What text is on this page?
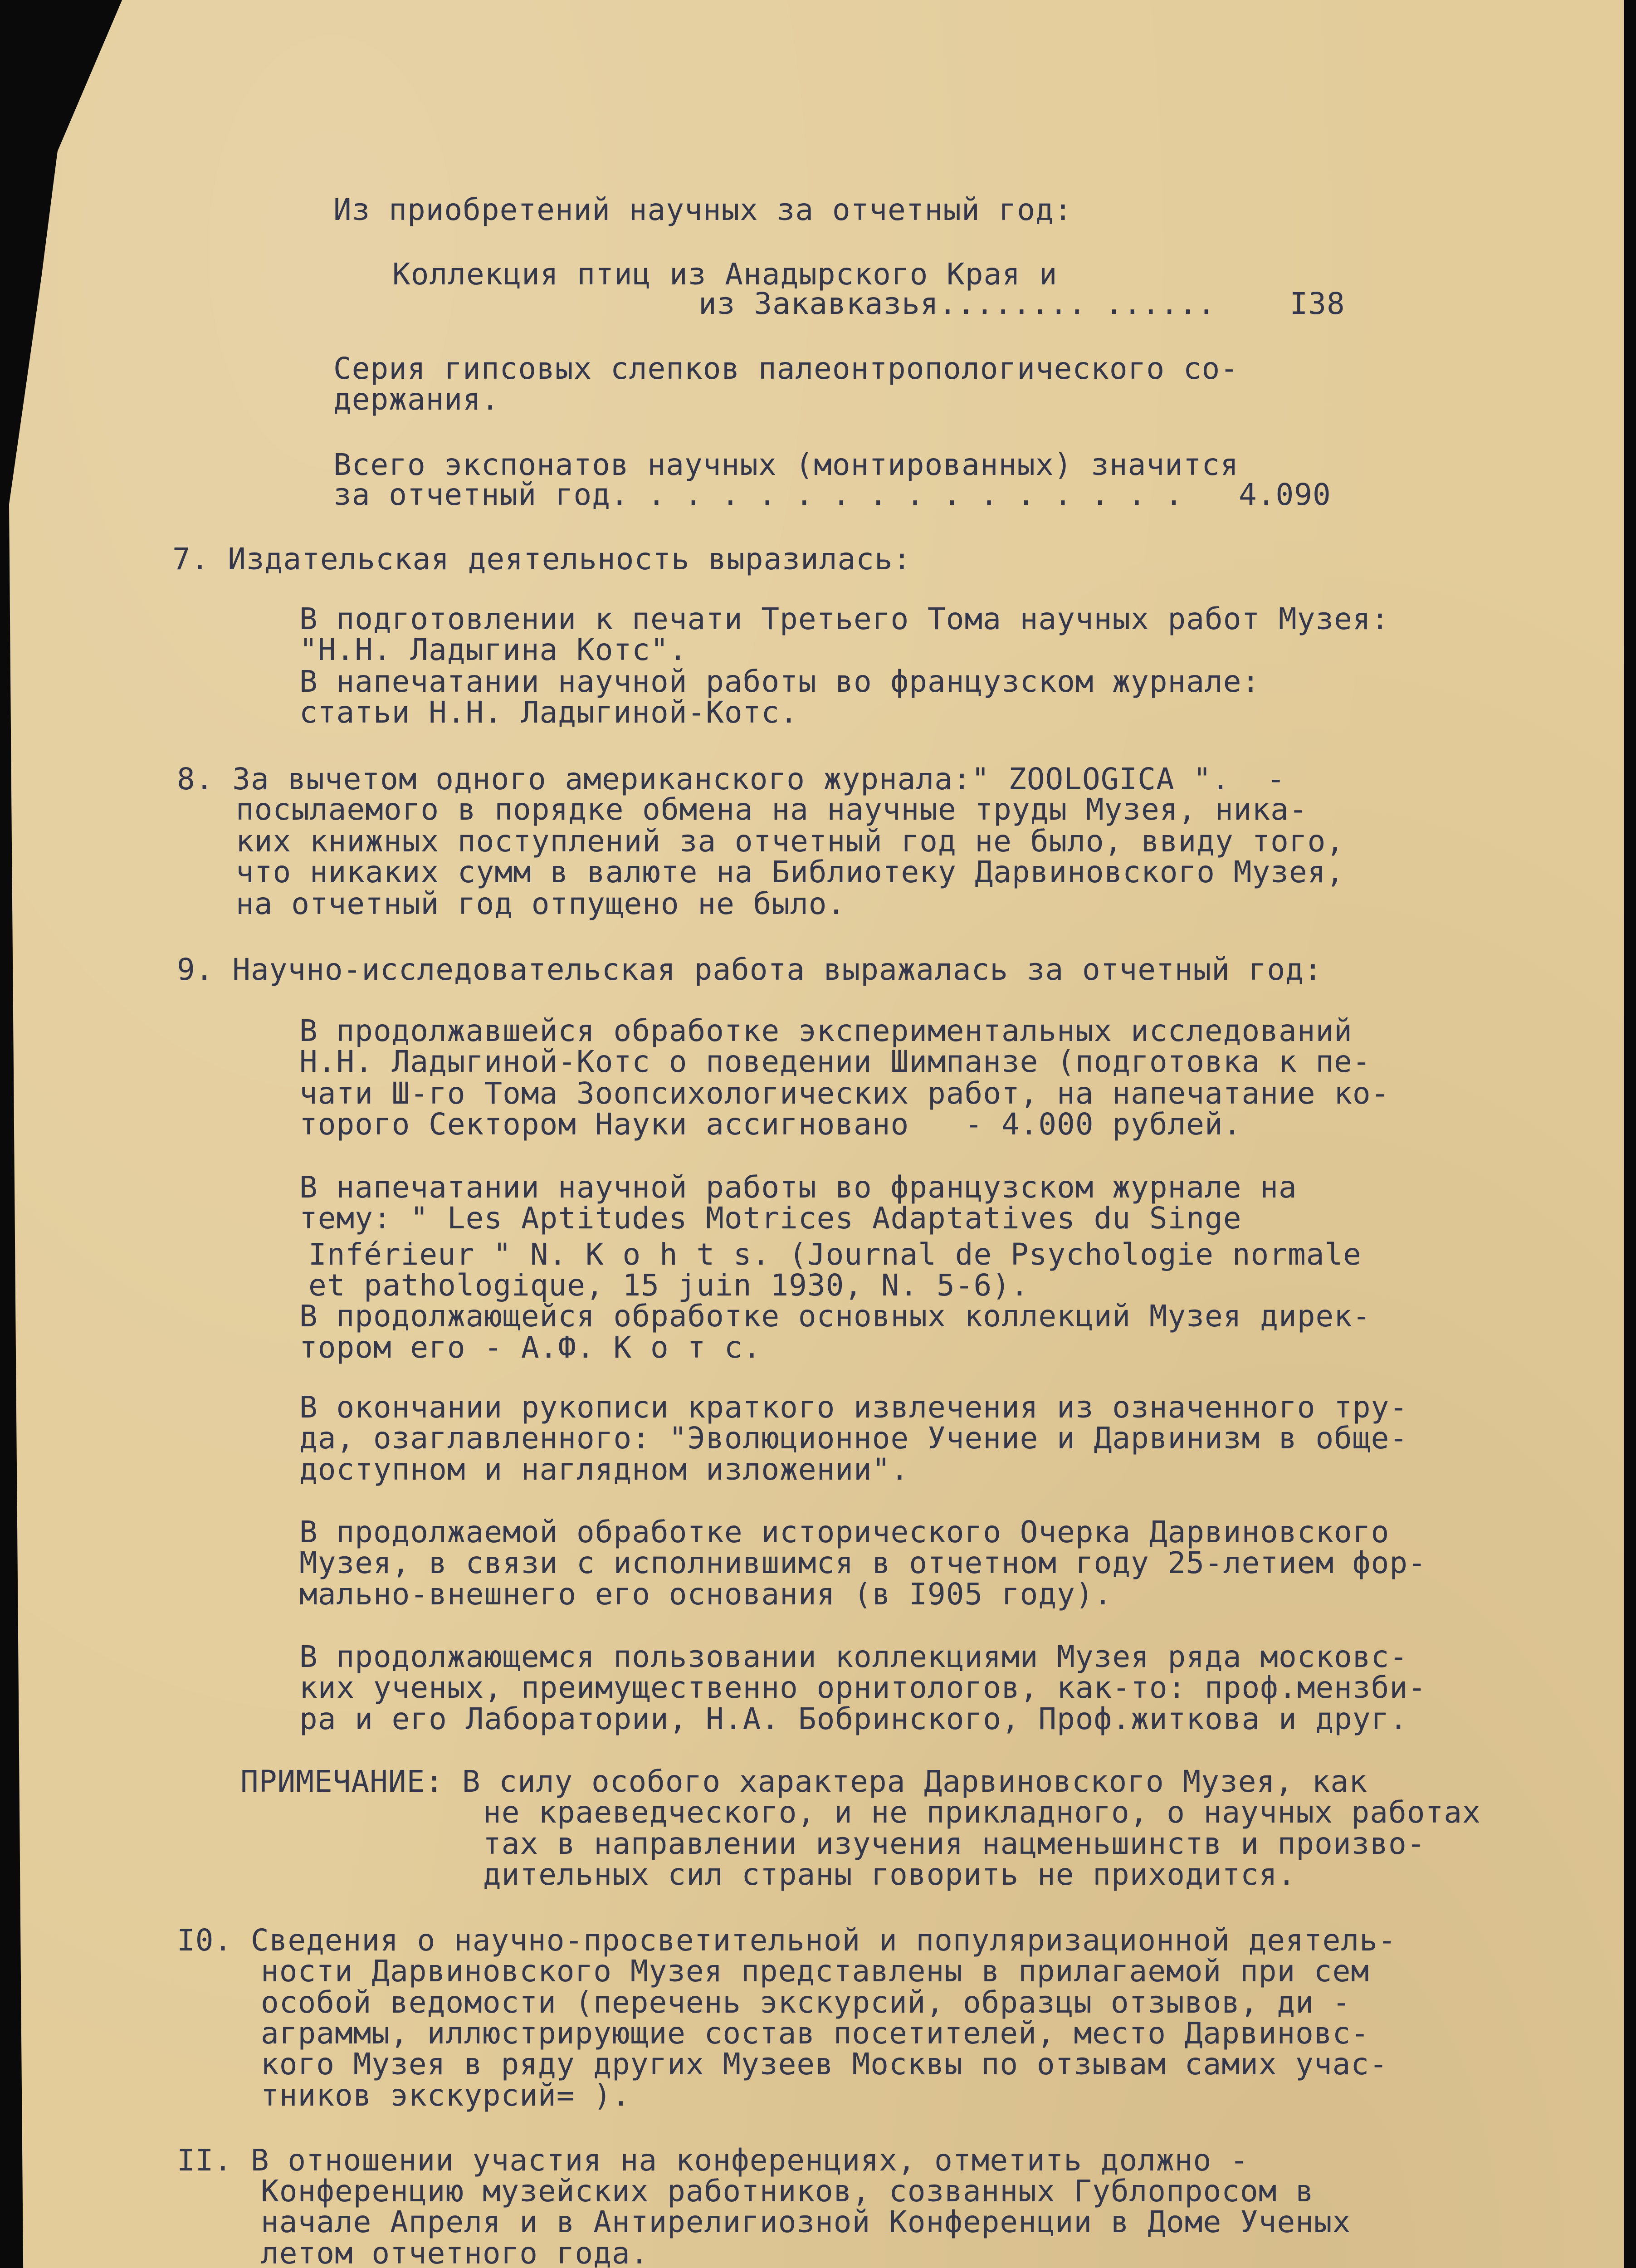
Из приобретений научных за отчетный год:

Коллекция птиц из Анадырского Края и

из Закавказья........ ......    I38

Серия гипсовых слепков палеонтропологического со-

держания.

Всего экспонатов научных (монтированных) значится

за отчетный год. . . . . . . . . . . . . . . .   4.090

7. Издательская деятельность выразилась:

В подготовлении к печати Третьего Тома научных работ Музея:

"Н.Н. Ладыгина Котс".

В напечатании научной работы во французском журнале:

статьи Н.Н. Ладыгиной-Котс.

8. За вычетом одного американского журнала:" ZOOLOGICA ".  -

посылаемого в порядке обмена на научные труды Музея, ника-

ких книжных поступлений за отчетный год не было, ввиду того,

что никаких сумм в валюте на Библиотеку Дарвиновского Музея,

на отчетный год отпущено не было.

9. Научно-исследовательская работа выражалась за отчетный год:

В продолжавшейся обработке экспериментальных исследований

Н.Н. Ладыгиной-Котс о поведении Шимпанзе (подготовка к пе-

чати Ш-го Тома Зоопсихологических работ, на напечатание ко-

торого Сектором Науки ассигновано   - 4.000 рублей.

В напечатании научной работы во французском журнале на

тему: " Les Aptitudes Motrices Adaptatives du Singe

Inférieur " N. K o h t s. (Journal de Psychologie normale

et pathologique, 15 juin 1930, N. 5-6).

В продолжающейся обработке основных коллекций Музея дирек-

тором его - А.Ф. К о т с.

В окончании рукописи краткого извлечения из означенного тру-

да, озаглавленного: "Эволюционное Учение и Дарвинизм в обще-

доступном и наглядном изложении".

В продолжаемой обработке исторического Очерка Дарвиновского

Музея, в связи с исполнившимся в отчетном году 25-летием фор-

мально-внешнего его основания (в I905 году).

В продолжающемся пользовании коллекциями Музея ряда московс-

ких ученых, преимущественно орнитологов, как-то: проф.мензби-

ра и его Лаборатории, Н.А. Бобринского, Проф.житкова и друг.

ПРИМЕЧАНИЕ: В силу особого характера Дарвиновского Музея, как

не краеведческого, и не прикладного, о научных работах

тах в направлении изучения нацменьшинств и произво-

дительных сил страны говорить не приходится.

I0. Сведения о научно-просветительной и популяризационной деятель-

ности Дарвиновского Музея представлены в прилагаемой при сем

особой ведомости (перечень экскурсий, образцы отзывов, ди -

аграммы, иллюстрирующие состав посетителей, место Дарвиновс-

кого Музея в ряду других Музеев Москвы по отзывам самих учас-

тников экскурсий= ).

II. В отношении участия на конференциях, отметить должно -

Конференцию музейских работников, созванных Гублопросом в

начале Апреля и в Антирелигиозной Конференции в Доме Ученых

летом отчетного года.
